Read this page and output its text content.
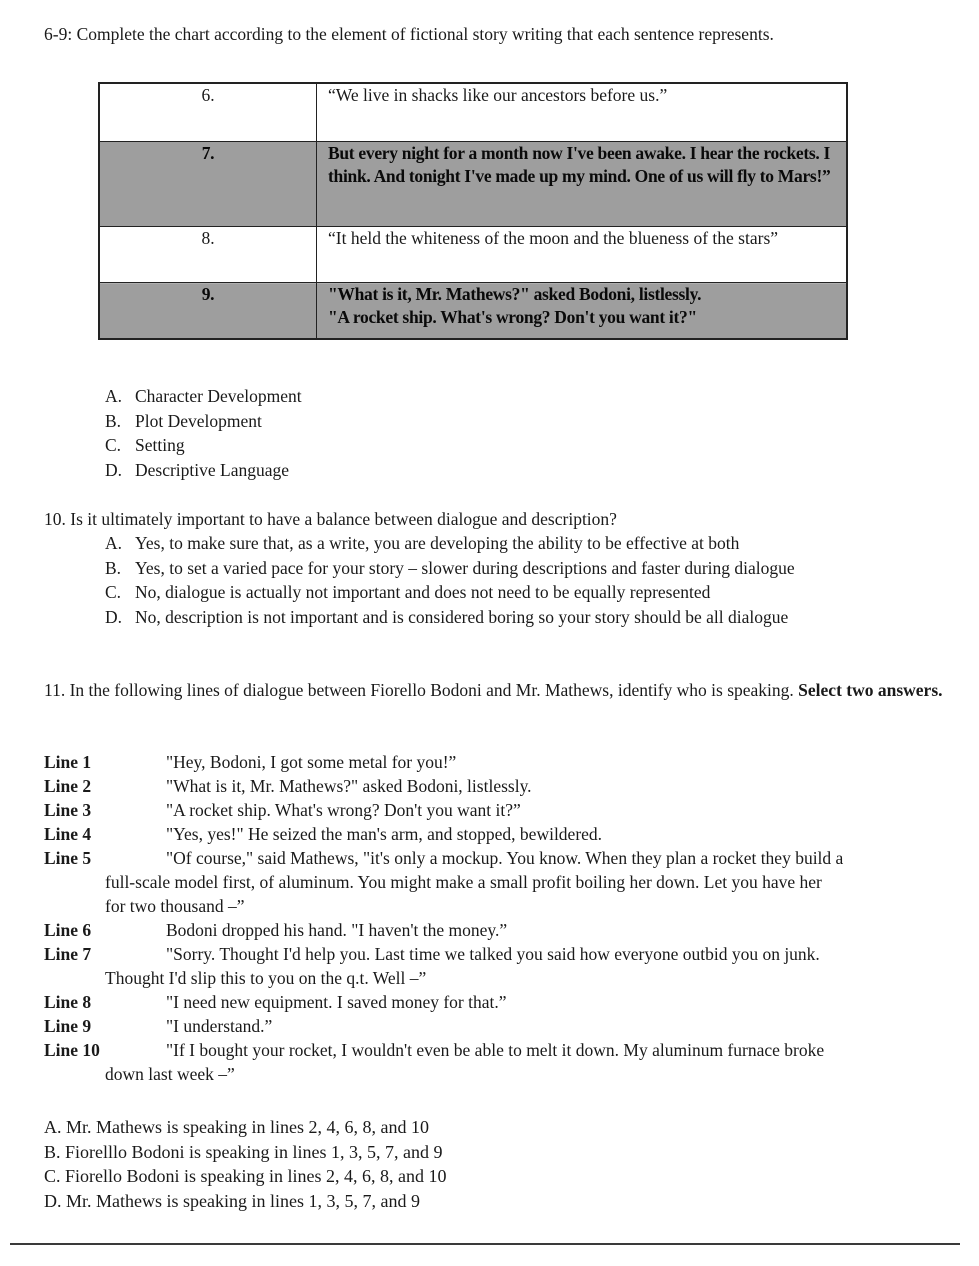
6-9: Complete the chart according to the element of fictional story writing that each sentence represents.
6.	“We live in shacks like our ancestors before us.”
7.	But every night for a month now I've been awake. I hear the rockets. I think. And tonight I've made up my mind. One of us will fly to Mars!”
8.	“It held the whiteness of the moon and the blueness of the stars”
9.	"What is it, Mr. Mathews?" asked Bodoni, listlessly.
"A rocket ship. What's wrong? Don't you want it?"
A. Character Development
B. Plot Development
C. Setting
D. Descriptive Language
10. Is it ultimately important to have a balance between dialogue and description?
A. Yes, to make sure that, as a write, you are developing the ability to be effective at both
B. Yes, to set a varied pace for your story – slower during descriptions and faster during dialogue
C. No, dialogue is actually not important and does not need to be equally represented
D. No, description is not important and is considered boring so your story should be all dialogue
11. In the following lines of dialogue between Fiorello Bodoni and Mr. Mathews, identify who is speaking. Select two answers.
Line 1	"Hey, Bodoni, I got some metal for you!”
Line 2	"What is it, Mr. Mathews?" asked Bodoni, listlessly.
Line 3	"A rocket ship. What's wrong? Don't you want it?”
Line 4	"Yes, yes!" He seized the man's arm, and stopped, bewildered.
Line 5	"Of course," said Mathews, "it's only a mockup. You know. When they plan a rocket they build a
full-scale model first, of aluminum. You might make a small profit boiling her down. Let you have her
for two thousand –”
Line 6	Bodoni dropped his hand. "I haven't the money.”
Line 7	"Sorry. Thought I'd help you. Last time we talked you said how everyone outbid you on junk.
Thought I'd slip this to you on the q.t. Well –”
Line 8	"I need new equipment. I saved money for that.”
Line 9	"I understand.”
Line 10	"If I bought your rocket, I wouldn't even be able to melt it down. My aluminum furnace broke
down last week –”
A. Mr. Mathews is speaking in lines 2, 4, 6, 8, and 10
B. Fiorelllo Bodoni is speaking in lines 1, 3, 5, 7, and 9
C. Fiorello Bodoni is speaking in lines 2, 4, 6, 8, and 10
D. Mr. Mathews is speaking in lines 1, 3, 5, 7, and 9
